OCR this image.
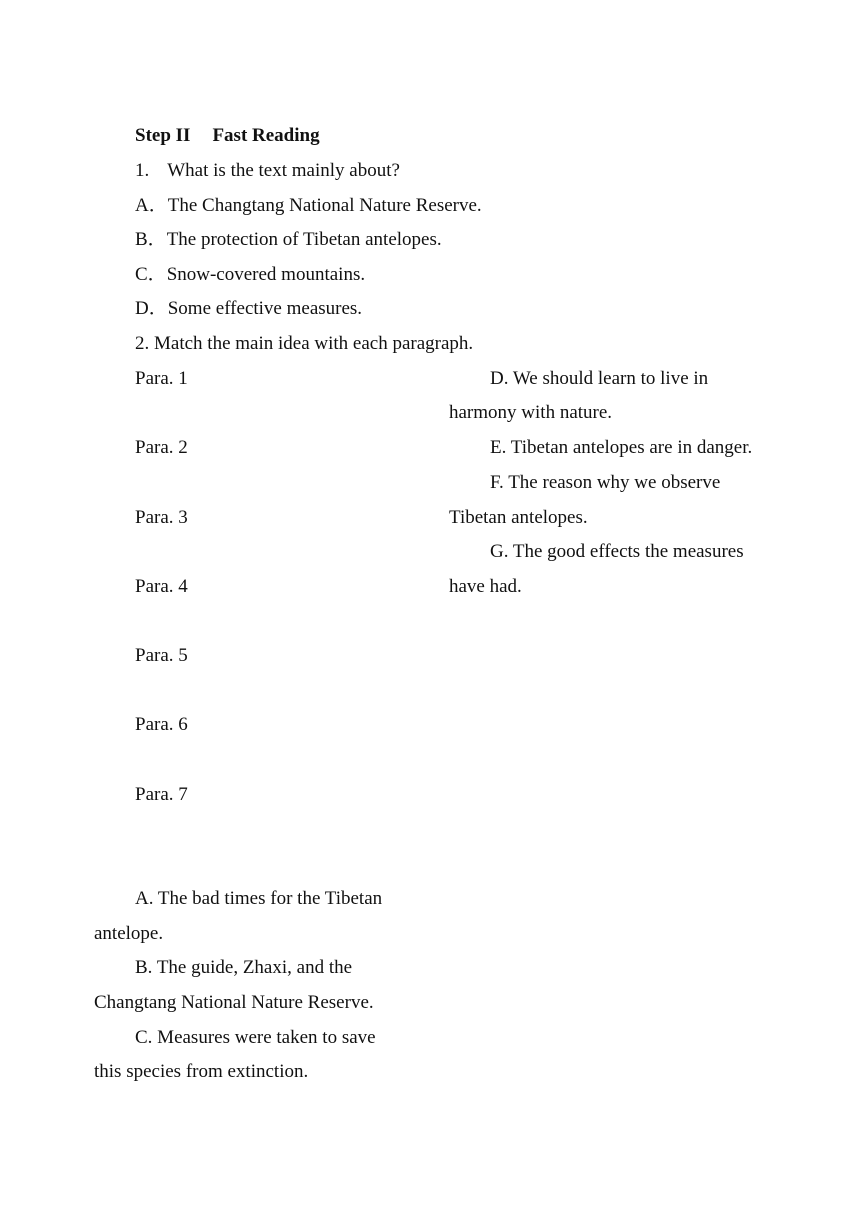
Step II Fast Reading
1. What is the text mainly about?
A．The Changtang National Nature Reserve.
B．The protection of Tibetan antelopes.
C．Snow-covered mountains.
D．Some effective measures.
2. Match the main idea with each paragraph.
Para. 1
Para. 2
Para. 3
Para. 4
Para. 5
Para. 6
Para. 7
D. We should learn to live in
harmony with nature.
E. Tibetan antelopes are in danger.
F. The reason why we observe
Tibetan antelopes.
G. The good effects the measures
have had.
A. The bad times for the Tibetan
antelope.
B. The guide, Zhaxi, and the
Changtang National Nature Reserve.
C. Measures were taken to save
this species from extinction.
